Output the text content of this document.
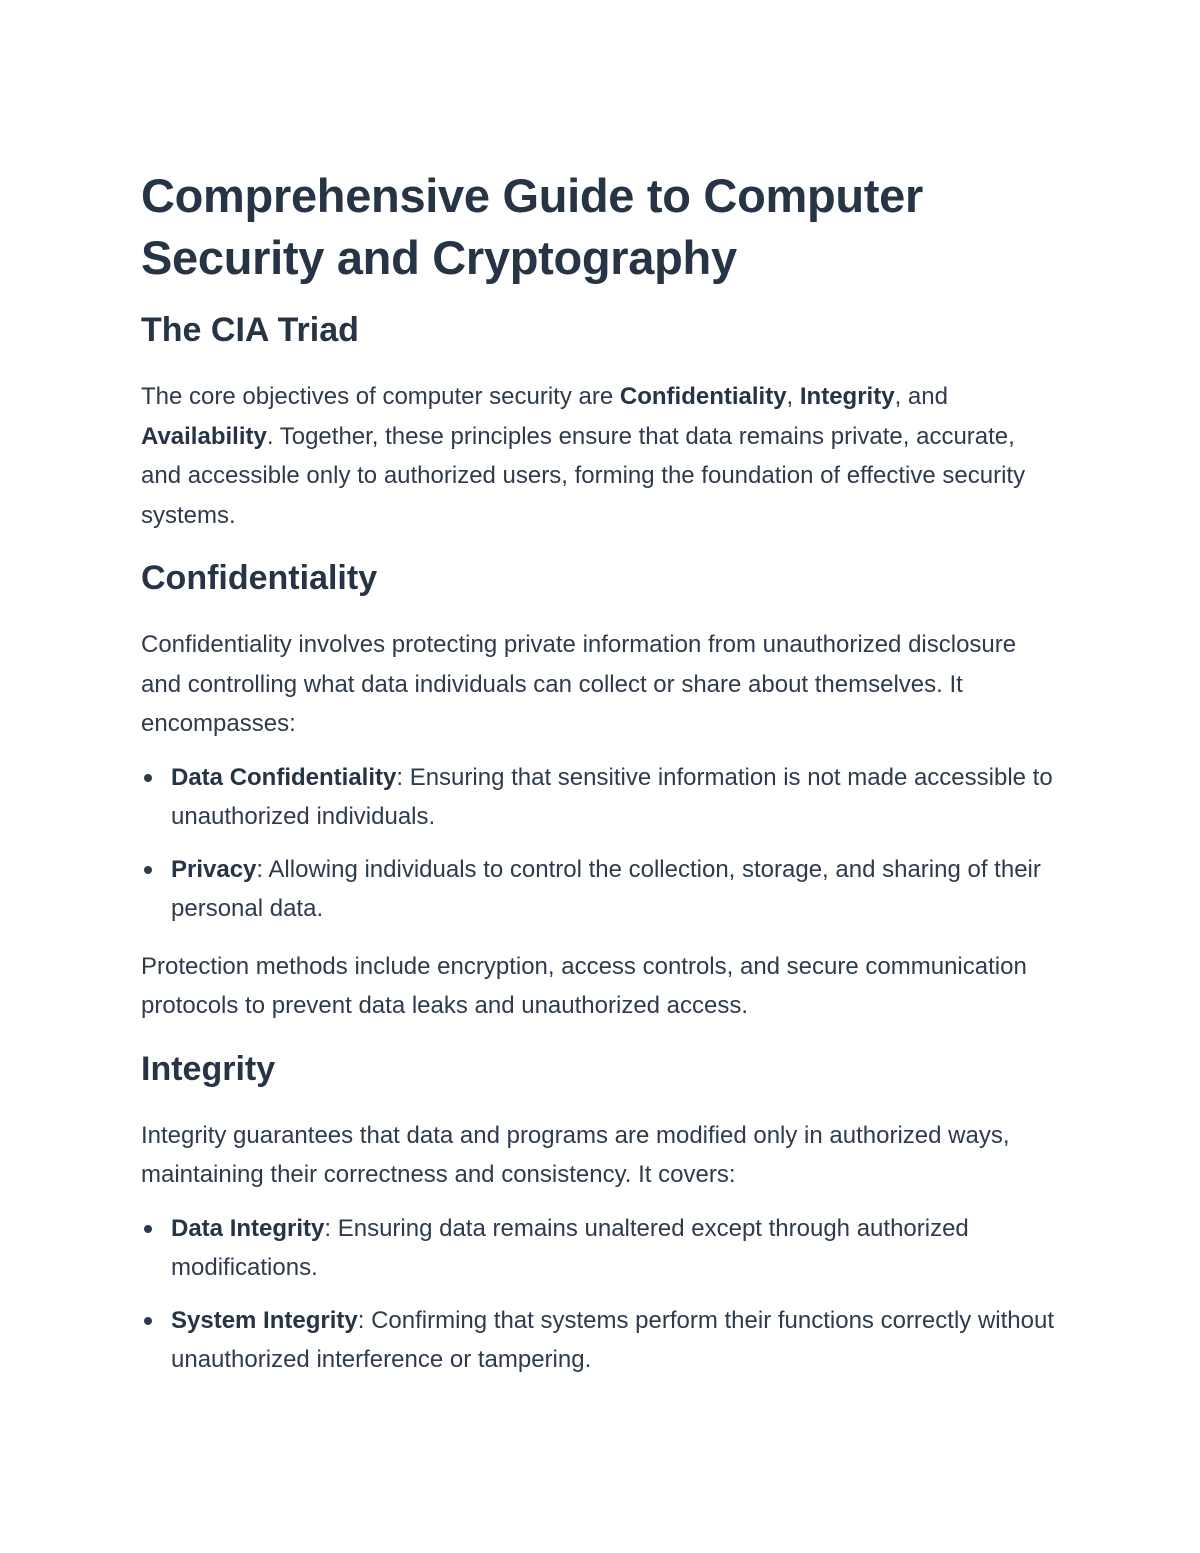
Comprehensive Guide to Computer Security and Cryptography
The CIA Triad

The core objectives of computer security are Confidentiality, Integrity, and Availability. Together, these principles ensure that data remains private, accurate, and accessible only to authorized users, forming the foundation of effective security systems.

Confidentiality

Confidentiality involves protecting private information from unauthorized disclosure and controlling what data individuals can collect or share about themselves. It encompasses:

Data Confidentiality: Ensuring that sensitive information is not made accessible to unauthorized individuals.
Privacy: Allowing individuals to control the collection, storage, and sharing of their personal data.

Protection methods include encryption, access controls, and secure communication protocols to prevent data leaks and unauthorized access.

Integrity

Integrity guarantees that data and programs are modified only in authorized ways, maintaining their correctness and consistency. It covers:

Data Integrity: Ensuring data remains unaltered except through authorized modifications.
System Integrity: Confirming that systems perform their functions correctly without unauthorized interference or tampering.
